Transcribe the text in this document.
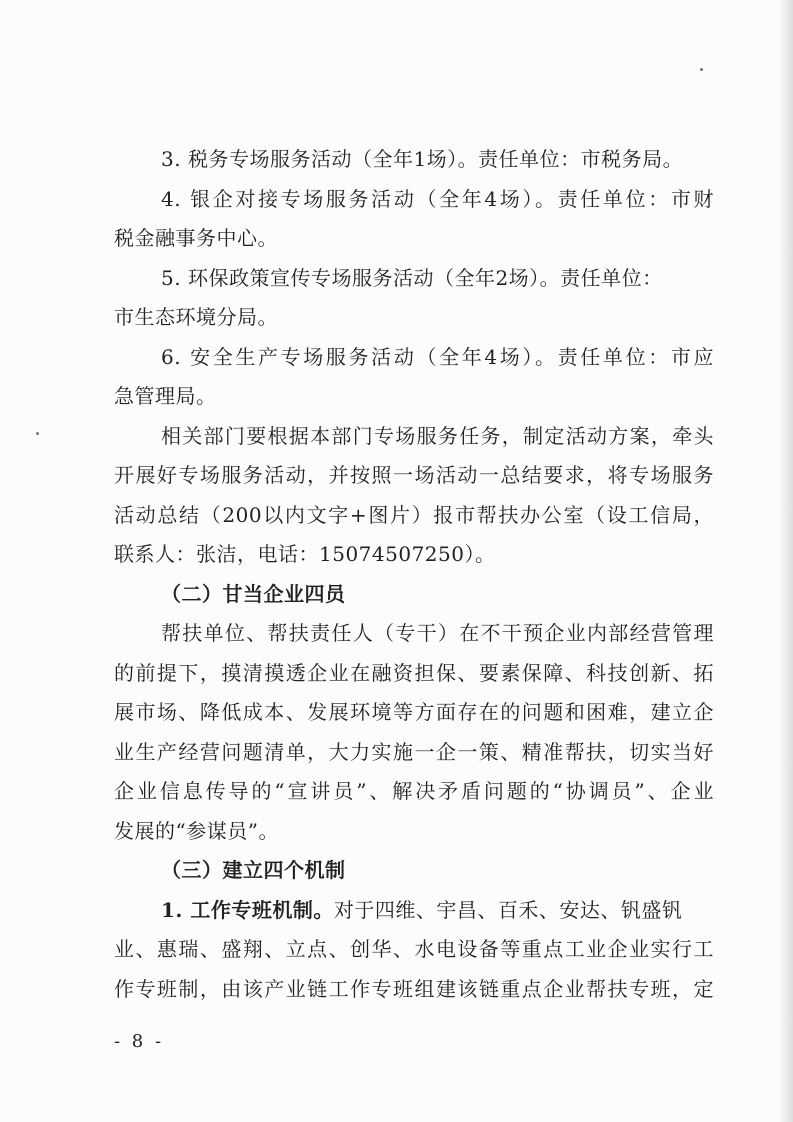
3. 税务专场服务活动（全年1场）。责任单位：市税务局。
4. 银企对接专场服务活动（全年4场）。责任单位：市财
税金融事务中心。
5. 环保政策宣传专场服务活动（全年2场）。责任单位：
市生态环境分局。
6. 安全生产专场服务活动（全年4场）。责任单位：市应
急管理局。
相关部门要根据本部门专场服务任务，制定活动方案，牵头
开展好专场服务活动，并按照一场活动一总结要求，将专场服务
活动总结（200以内文字+图片）报市帮扶办公室（设工信局，
联系人：张洁，电话：15074507250）。
（二）甘当企业四员
帮扶单位、帮扶责任人（专干）在不干预企业内部经营管理
的前提下，摸清摸透企业在融资担保、要素保障、科技创新、拓
展市场、降低成本、发展环境等方面存在的问题和困难，建立企
业生产经营问题清单，大力实施一企一策、精准帮扶，切实当好
企业信息传导的“宣讲员”、解决矛盾问题的“协调员”、企业
发展的“参谋员”。
（三）建立四个机制
1. 工作专班机制。对于四维、宇昌、百禾、安达、钒盛钒
业、惠瑞、盛翔、立点、创华、水电设备等重点工业企业实行工
作专班制，由该产业链工作专班组建该链重点企业帮扶专班，定
- 8 -
